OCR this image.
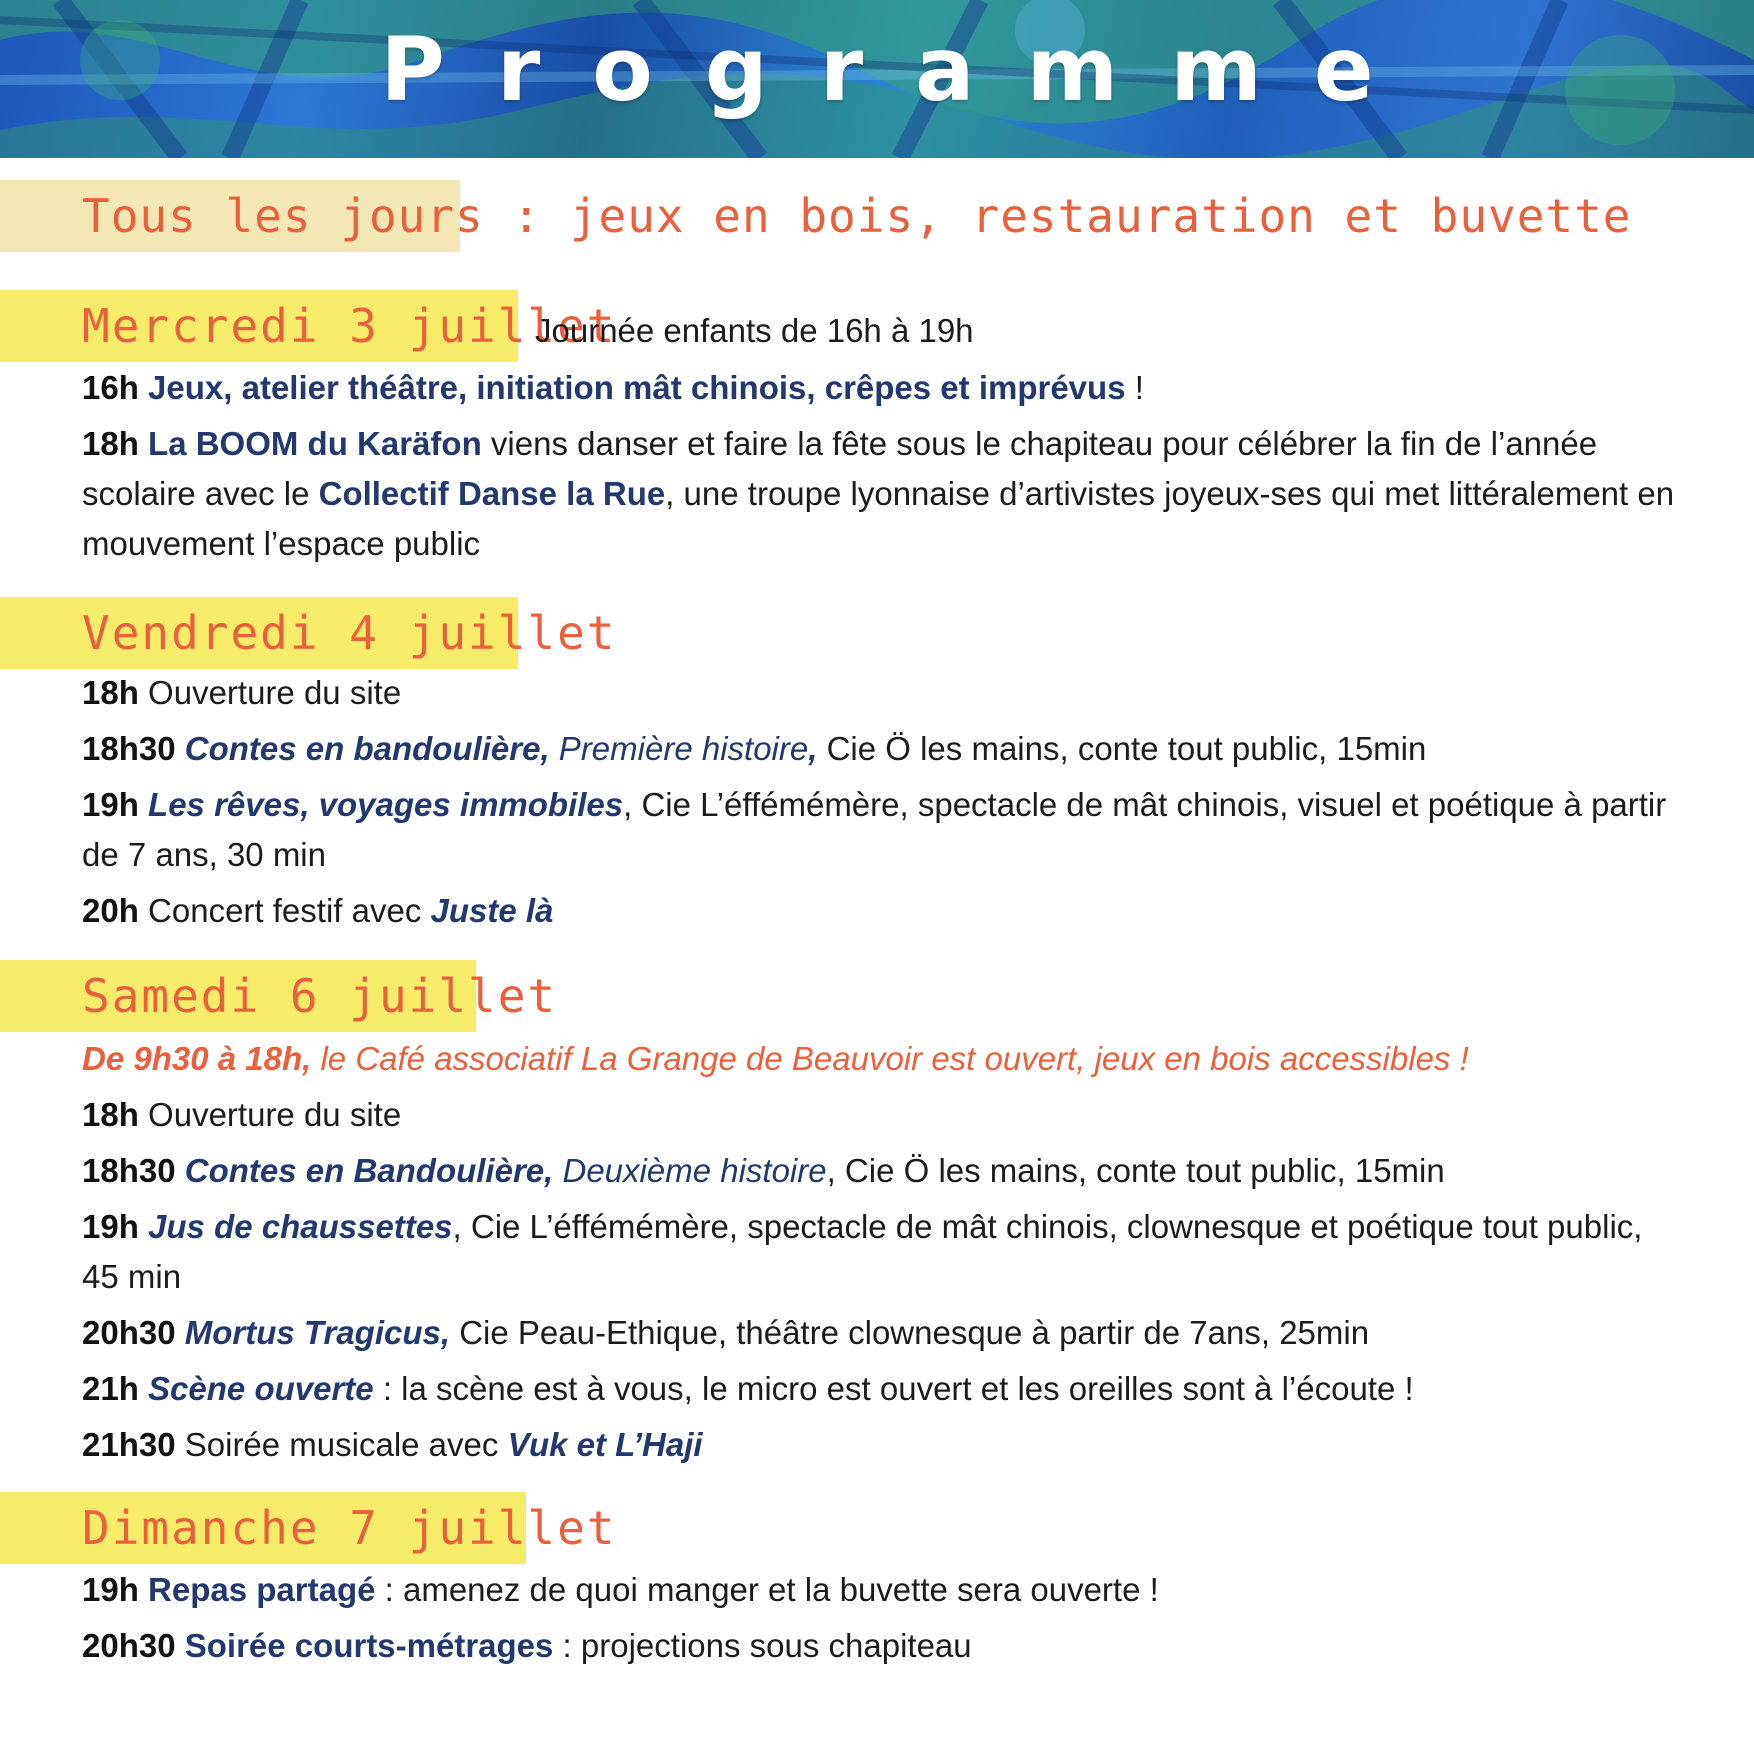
Programme
Tous les jours : jeux en bois, restauration et buvette
Mercredi 3 juillet
Journée enfants de 16h à 19h
16h Jeux, atelier théâtre, initiation mât chinois, crêpes et imprévus !
18h La BOOM du Karäfon viens danser et faire la fête sous le chapiteau pour célébrer la fin de l’année scolaire avec le Collectif Danse la Rue, une troupe lyonnaise d’artivistes joyeux-ses qui met littéralement en mouvement l’espace public
Vendredi 4 juillet
18h Ouverture du site
18h30 Contes en bandoulière, Première histoire, Cie Ö les mains, conte tout public, 15min
19h Les rêves, voyages immobiles, Cie L’éffémémère, spectacle de mât chinois, visuel et poétique à partir de 7 ans, 30 min
20h Concert festif avec Juste là
Samedi 6 juillet
De 9h30 à 18h, le Café associatif La Grange de Beauvoir est ouvert, jeux en bois accessibles !
18h Ouverture du site
18h30 Contes en Bandoulière, Deuxième histoire, Cie Ö les mains, conte tout public, 15min
19h Jus de chaussettes, Cie L’éffémémère, spectacle de mât chinois, clownesque et poétique tout public, 45 min
20h30 Mortus Tragicus, Cie Peau-Ethique, théâtre clownesque à partir de 7ans, 25min
21h Scène ouverte : la scène est à vous, le micro est ouvert et les oreilles sont à l’écoute !
21h30 Soirée musicale avec Vuk et L’Haji
Dimanche 7 juillet
19h Repas partagé : amenez de quoi manger et la buvette sera ouverte !
20h30 Soirée courts-métrages : projections sous chapiteau
